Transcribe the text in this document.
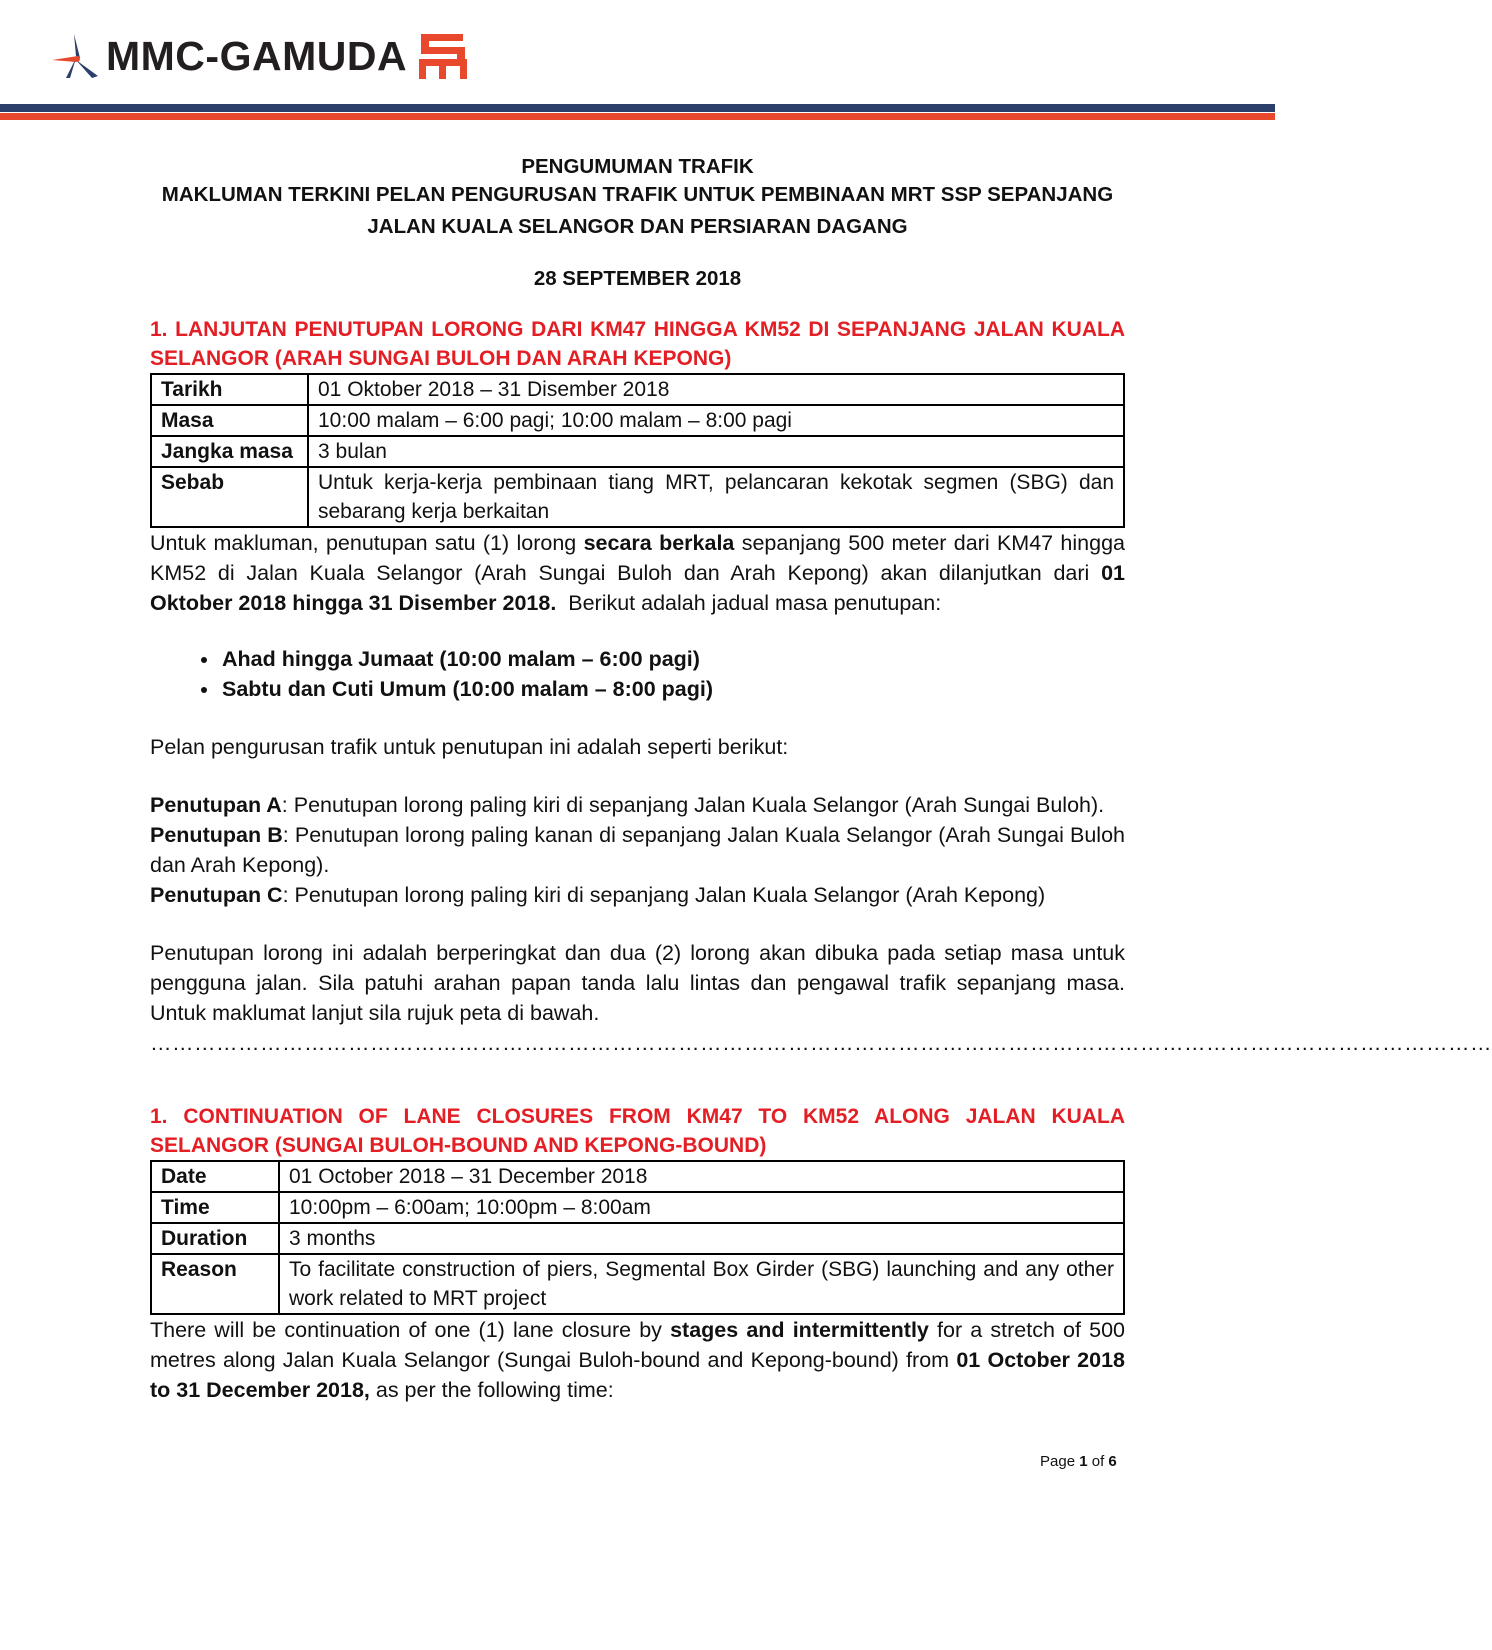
MMC-GAMUDA
PENGUMUMAN TRAFIK
MAKLUMAN TERKINI PELAN PENGURUSAN TRAFIK UNTUK PEMBINAAN MRT SSP SEPANJANG
JALAN KUALA SELANGOR DAN PERSIARAN DAGANG
28 SEPTEMBER 2018
1. LANJUTAN PENUTUPAN LORONG DARI KM47 HINGGA KM52 DI SEPANJANG JALAN KUALA SELANGOR (ARAH SUNGAI BULOH DAN ARAH KEPONG)
Tarikh	01 Oktober 2018 – 31 Disember 2018
Masa	10:00 malam – 6:00 pagi; 10:00 malam – 8:00 pagi
Jangka masa	3 bulan
Sebab	Untuk kerja-kerja pembinaan tiang MRT, pelancaran kekotak segmen (SBG) dan sebarang kerja berkaitan

Untuk makluman, penutupan satu (1) lorong secara berkala sepanjang 500 meter dari KM47 hingga KM52 di Jalan Kuala Selangor (Arah Sungai Buloh dan Arah Kepong) akan dilanjutkan dari 01 Oktober 2018 hingga 31 Disember 2018.  Berikut adalah jadual masa penutupan:

• Ahad hingga Jumaat (10:00 malam – 6:00 pagi)
• Sabtu dan Cuti Umum (10:00 malam – 8:00 pagi)

Pelan pengurusan trafik untuk penutupan ini adalah seperti berikut:

Penutupan A: Penutupan lorong paling kiri di sepanjang Jalan Kuala Selangor (Arah Sungai Buloh).

Penutupan B: Penutupan lorong paling kanan di sepanjang Jalan Kuala Selangor (Arah Sungai Buloh dan Arah Kepong).

Penutupan C: Penutupan lorong paling kiri di sepanjang Jalan Kuala Selangor (Arah Kepong)

Penutupan lorong ini adalah berperingkat dan dua (2) lorong akan dibuka pada setiap masa untuk pengguna jalan. Sila patuhi arahan papan tanda lalu lintas dan pengawal trafik sepanjang masa. Untuk maklumat lanjut sila rujuk peta di bawah.

…………………………………………………………………………………………………………………………………………………………………
1. CONTINUATION OF LANE CLOSURES FROM KM47 TO KM52 ALONG JALAN KUALA SELANGOR (SUNGAI BULOH-BOUND AND KEPONG-BOUND)
Date	01 October 2018 – 31 December 2018
Time	10:00pm – 6:00am; 10:00pm – 8:00am
Duration	3 months
Reason	To facilitate construction of piers, Segmental Box Girder (SBG) launching and any other work related to MRT project

There will be continuation of one (1) lane closure by stages and intermittently for a stretch of 500 metres along Jalan Kuala Selangor (Sungai Buloh-bound and Kepong-bound) from 01 October 2018 to 31 December 2018, as per the following time:

Page 1 of 6
